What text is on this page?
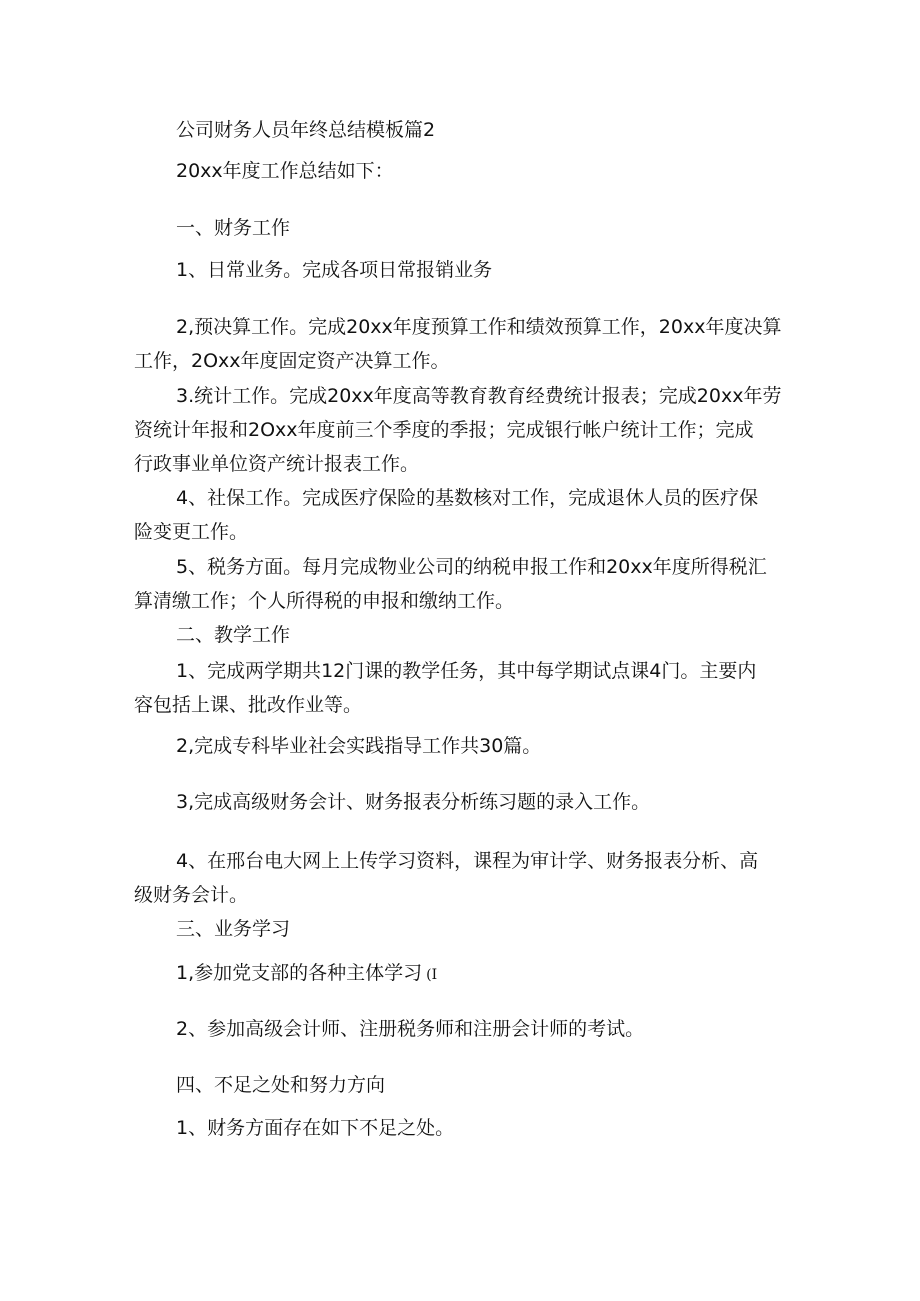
公司财务人员年终总结模板篇2
20xx年度工作总结如下：
一、财务工作
1、日常业务。完成各项日常报销业务
2,预决算工作。完成20xx年度预算工作和绩效预算工作，20xx年度决算
工作，2Oxx年度固定资产决算工作。
3.统计工作。完成20xx年度高等教育教育经费统计报表；完成20xx年劳
资统计年报和2Oxx年度前三个季度的季报；完成银行帐户统计工作；完成
行政事业单位资产统计报表工作。
4、社保工作。完成医疗保险的基数核对工作，完成退休人员的医疗保
险变更工作。
5、税务方面。每月完成物业公司的纳税申报工作和20xx年度所得税汇
算清缴工作；个人所得税的申报和缴纳工作。
二、教学工作
1、完成两学期共12门课的教学任务，其中每学期试点课4门。主要内
容包括上课、批改作业等。
2,完成专科毕业社会实践指导工作共30篇。
3,完成高级财务会计、财务报表分析练习题的录入工作。
4、在邢台电大网上上传学习资料，课程为审计学、财务报表分析、高
级财务会计。
三、业务学习
1,参加党支部的各种主体学习 (I
2、参加高级会计师、注册税务师和注册会计师的考试。
四、不足之处和努力方向
1、财务方面存在如下不足之处。
